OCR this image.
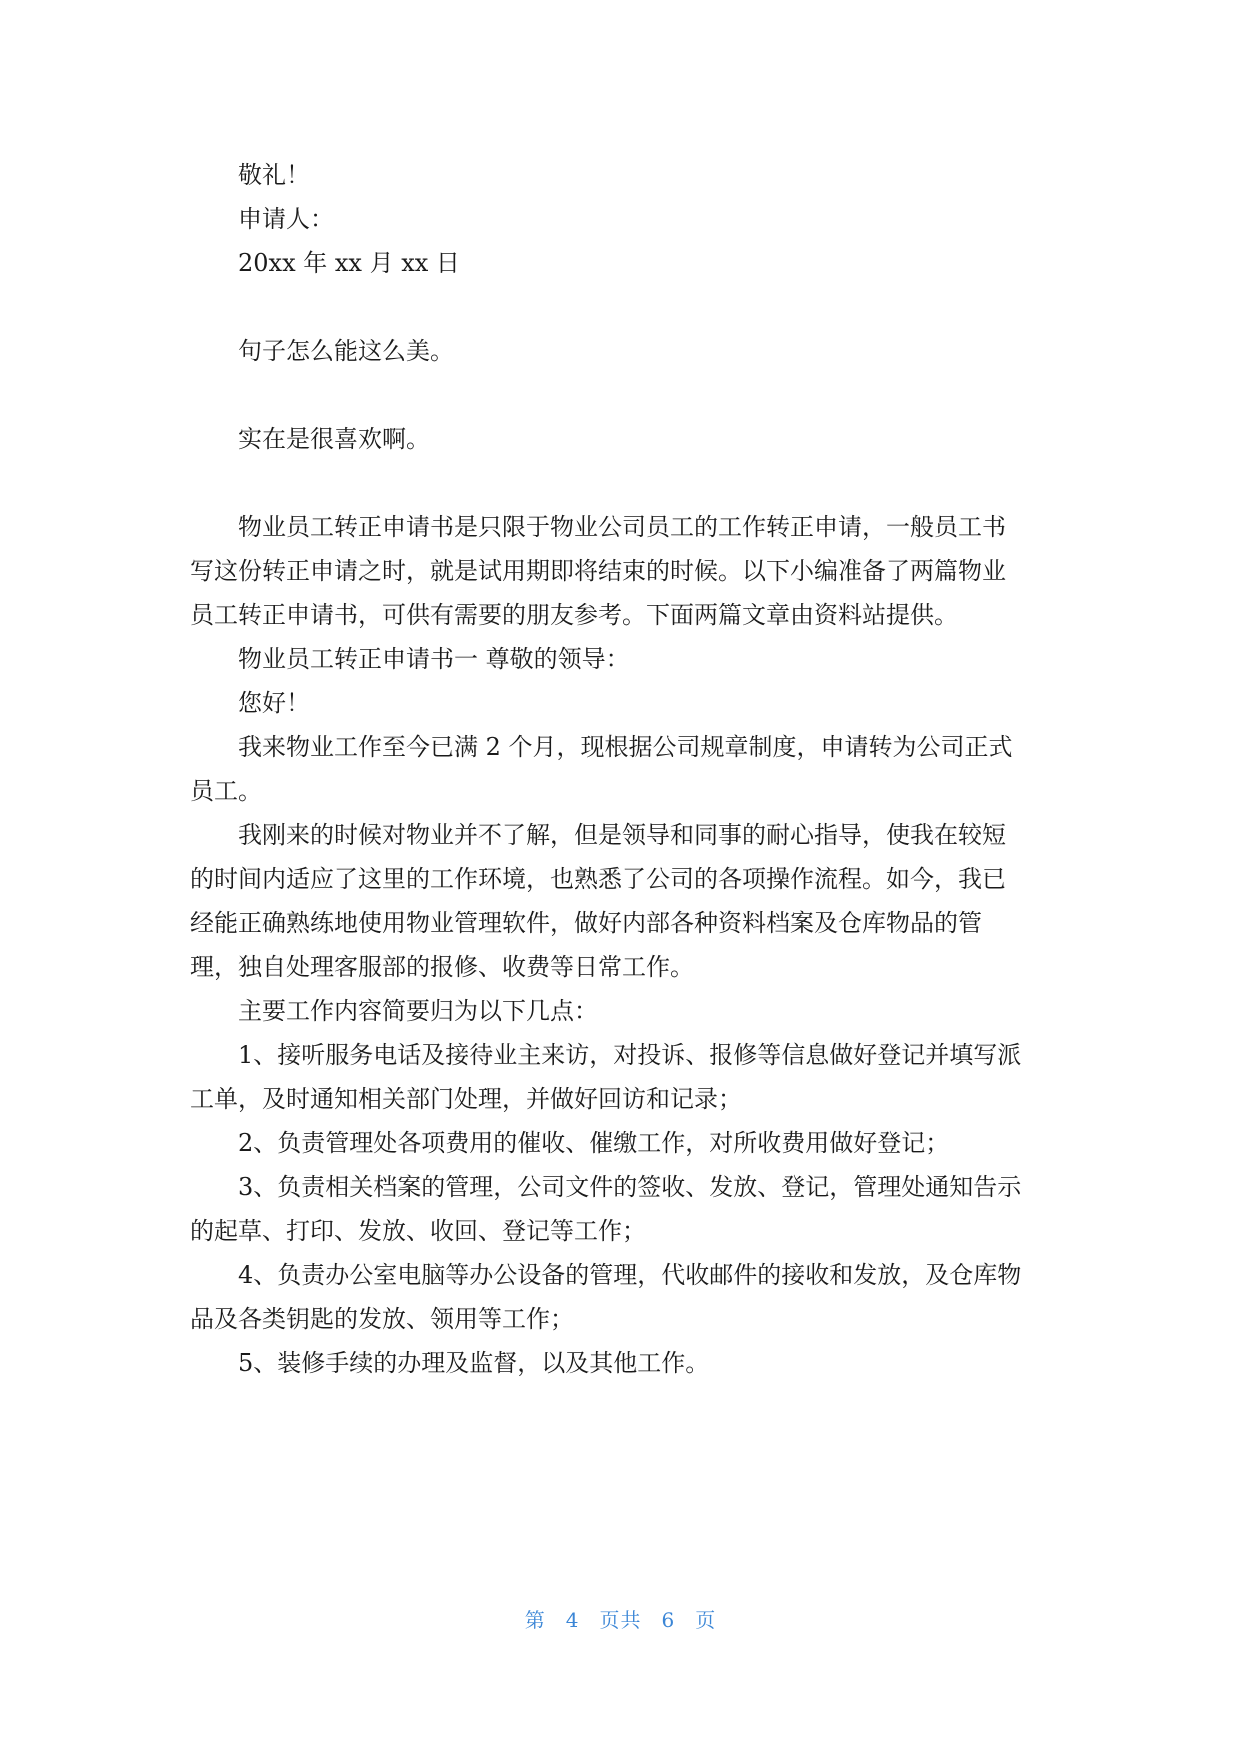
敬礼！
申请人：
20xx 年 xx 月 xx 日
句子怎么能这么美。
实在是很喜欢啊。
物业员工转正申请书是只限于物业公司员工的工作转正申请，一般员工书
写这份转正申请之时，就是试用期即将结束的时候。以下小编准备了两篇物业
员工转正申请书，可供有需要的朋友参考。下面两篇文章由资料站提供。
物业员工转正申请书一 尊敬的领导：
您好！
我来物业工作至今已满 2 个月，现根据公司规章制度，申请转为公司正式
员工。
我刚来的时候对物业并不了解，但是领导和同事的耐心指导，使我在较短
的时间内适应了这里的工作环境，也熟悉了公司的各项操作流程。如今，我已
经能正确熟练地使用物业管理软件，做好内部各种资料档案及仓库物品的管
理，独自处理客服部的报修、收费等日常工作。
主要工作内容简要归为以下几点：
1、接听服务电话及接待业主来访，对投诉、报修等信息做好登记并填写派
工单，及时通知相关部门处理，并做好回访和记录；
2、负责管理处各项费用的催收、催缴工作，对所收费用做好登记；
3、负责相关档案的管理，公司文件的签收、发放、登记，管理处通知告示
的起草、打印、发放、收回、登记等工作；
4、负责办公室电脑等办公设备的管理，代收邮件的接收和发放，及仓库物
品及各类钥匙的发放、领用等工作；
5、装修手续的办理及监督，以及其他工作。
第 4 页共 6 页
